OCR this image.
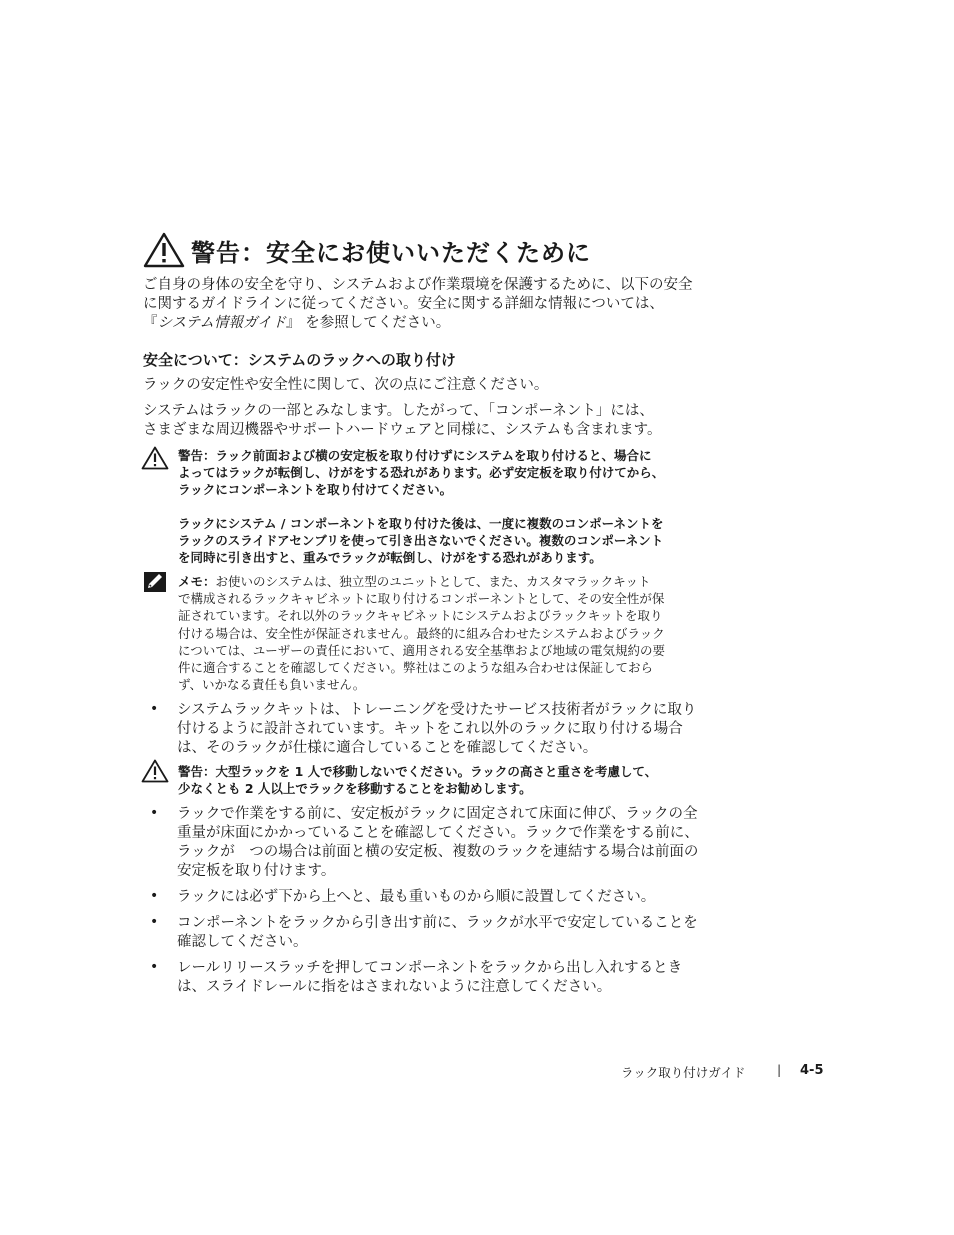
警告：安全にお使いいただくために
ご自身の身体の安全を守り、システムおよび作業環境を保護するために、以下の安全
に関するガイドラインに従ってください。安全に関する詳細な情報については、
『システム情報ガイド』 を参照してください。
安全について：システムのラックへの取り付け
ラックの安定性や安全性に関して、次の点にご注意ください。
システムはラックの一部とみなします。したがって、「コンポーネント」には、
さまざまな周辺機器やサポートハードウェアと同様に、システムも含まれます。
警告：ラック前面および横の安定板を取り付けずにシステムを取り付けると、場合に
よってはラックが転倒し、けがをする恐れがあります。必ず安定板を取り付けてから、
ラックにコンポーネントを取り付けてください。
ラックにシステム / コンポーネントを取り付けた後は、一度に複数のコンポーネントを
ラックのスライドアセンブリを使って引き出さないでください。複数のコンポーネント
を同時に引き出すと、重みでラックが転倒し、けがをする恐れがあります。
メモ：お使いのシステムは、独立型のユニットとして、また、カスタマラックキット
で構成されるラックキャビネットに取り付けるコンポーネントとして、その安全性が保
証されています。それ以外のラックキャビネットにシステムおよびラックキットを取り
付ける場合は、安全性が保証されません。最終的に組み合わせたシステムおよびラック
については、ユーザーの責任において、適用される安全基準および地域の電気規約の要
件に適合することを確認してください。弊社はこのような組み合わせは保証しておら
ず、いかなる責任も負いません。
• システムラックキットは、トレーニングを受けたサービス技術者がラックに取り
付けるように設計されています。キットをこれ以外のラックに取り付ける場合
は、そのラックが仕様に適合していることを確認してください。
警告：大型ラックを 1 人で移動しないでください。ラックの高さと重さを考慮して、
少なくとも 2 人以上でラックを移動することをお勧めします。
• ラックで作業をする前に、安定板がラックに固定されて床面に伸び、ラックの全
重量が床面にかかっていることを確認してください。ラックで作業をする前に、
ラックが　つの場合は前面と横の安定板、複数のラックを連結する場合は前面の
安定板を取り付けます。
• ラックには必ず下から上へと、最も重いものから順に設置してください。
• コンポーネントをラックから引き出す前に、ラックが水平で安定していることを
確認してください。
• レールリリースラッチを押してコンポーネントをラックから出し入れするとき
は、スライドレールに指をはさまれないように注意してください。
ラック取り付けガイド	| 4-5
